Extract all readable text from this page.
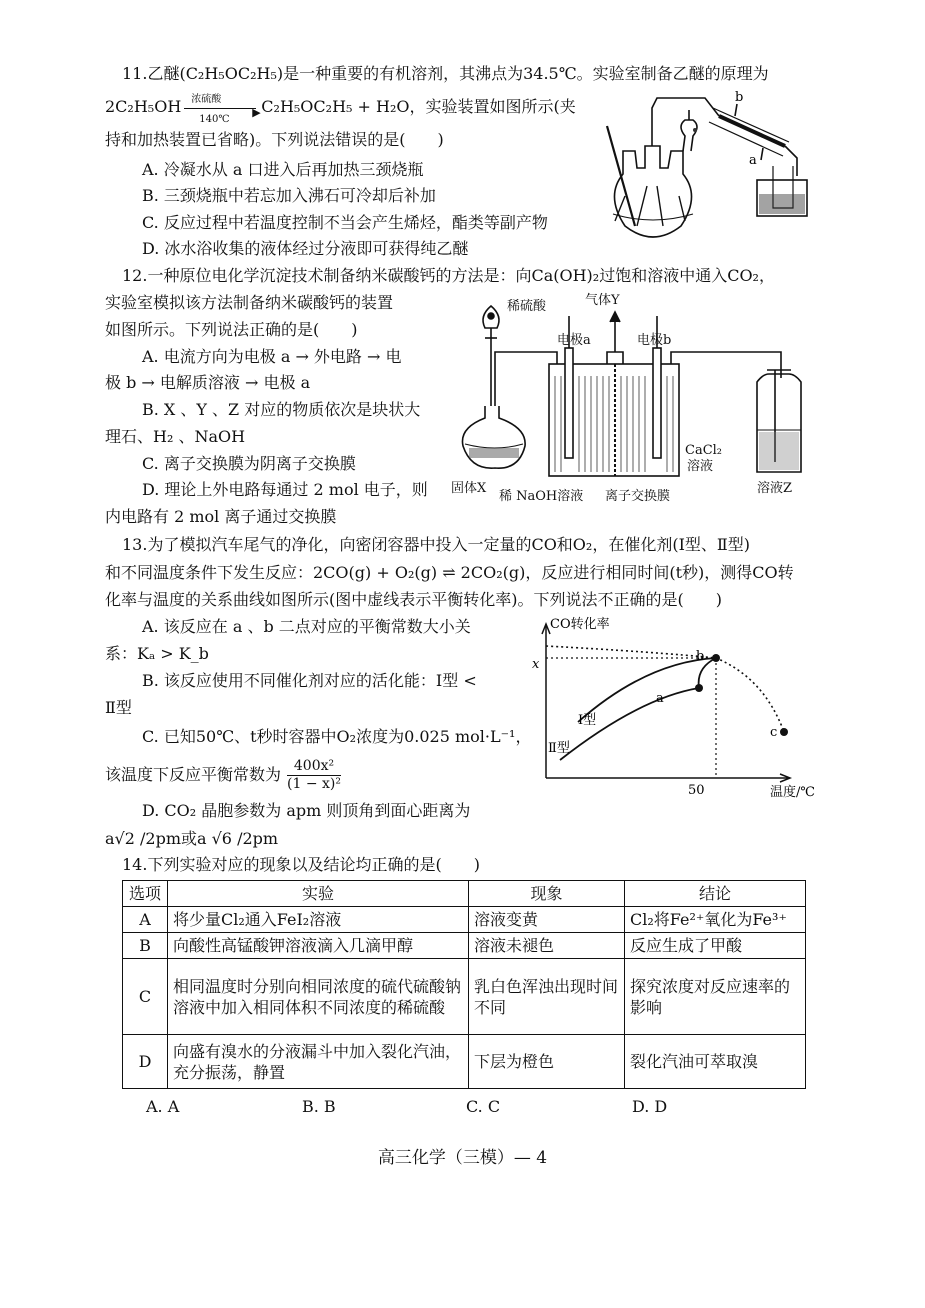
11.乙醚(C₂H₅OC₂H₅)是一种重要的有机溶剂，其沸点为34.5℃。实验室制备乙醚的原理为
2C₂H₅OH 浓硫酸
▶
140℃
C₂H₅OC₂H₅ + H₂O，实验装置如图所示(夹
持和加热装置已省略)。下列说法错误的是(　　)
A. 冷凝水从 a 口进入后再加热三颈烧瓶
B. 三颈烧瓶中若忘加入沸石可冷却后补加
C. 反应过程中若温度控制不当会产生烯烃，酯类等副产物
D. 冰水浴收集的液体经过分液即可获得纯乙醚
b
a
12.一种原位电化学沉淀技术制备纳米碳酸钙的方法是：向Ca(OH)₂过饱和溶液中通入CO₂，
实验室模拟该方法制备纳米碳酸钙的装置
如图所示。下列说法正确的是(　　)
A. 电流方向为电极 a → 外电路 → 电
极 b → 电解质溶液 → 电极 a
B. X 、Y 、Z 对应的物质依次是块状大
理石、H₂ 、NaOH
C. 离子交换膜为阴离子交换膜
D. 理论上外电路每通过 2 mol 电子，则
内电路有 2 mol 离子通过交换膜
稀硫酸	气体Y
电极a	电极b
固体X
稀 NaOH溶液 离子交换膜
CaCl₂
溶液
溶液Z
13.为了模拟汽车尾气的净化，向密闭容器中投入一定量的CO和O₂，在催化剂(Ⅰ型、Ⅱ型)
和不同温度条件下发生反应：2CO(g) + O₂(g) ⇌ 2CO₂(g)，反应进行相同时间(t秒)，测得CO转
化率与温度的关系曲线如图所示(图中虚线表示平衡转化率)。下列说法不正确的是(　　)
A. 该反应在 a 、b 二点对应的平衡常数大小关
系：Kₐ > K_b
B. 该反应使用不同催化剂对应的活化能：Ⅰ型 <
Ⅱ型
C. 已知50℃、t秒时容器中O₂浓度为0.025 mol·L⁻¹，
该温度下反应平衡常数为 $\frac{\text{400x²}}{\text{(1 − x)²}}$
D. CO₂ 晶胞参数为 apm 则顶角到面心距离为
a√2 /2pm或a √6 /2pm
CO转化率
温度/℃
x
50
Ⅰ型
Ⅱ型
b
a
c
14.下列实验对应的现象以及结论均正确的是(　　)
选项	实验	现象	结论
A	将少量Cl₂通入FeI₂溶液	溶液变黄	Cl₂将Fe²⁺氧化为Fe³⁺
B	向酸性高锰酸钾溶液滴入几滴甲醇	溶液未褪色	反应生成了甲酸
C	相同温度时分别向相同浓度的硫代硫酸钠溶液中加入相同体积不同浓度的稀硫酸	乳白色浑浊出现时间不同	探究浓度对反应速率的影响
D	向盛有溴水的分液漏斗中加入裂化汽油，充分振荡，静置	下层为橙色	裂化汽油可萃取溴
A. A	B. B	C. C	D. D
高三化学（三模）— 4
